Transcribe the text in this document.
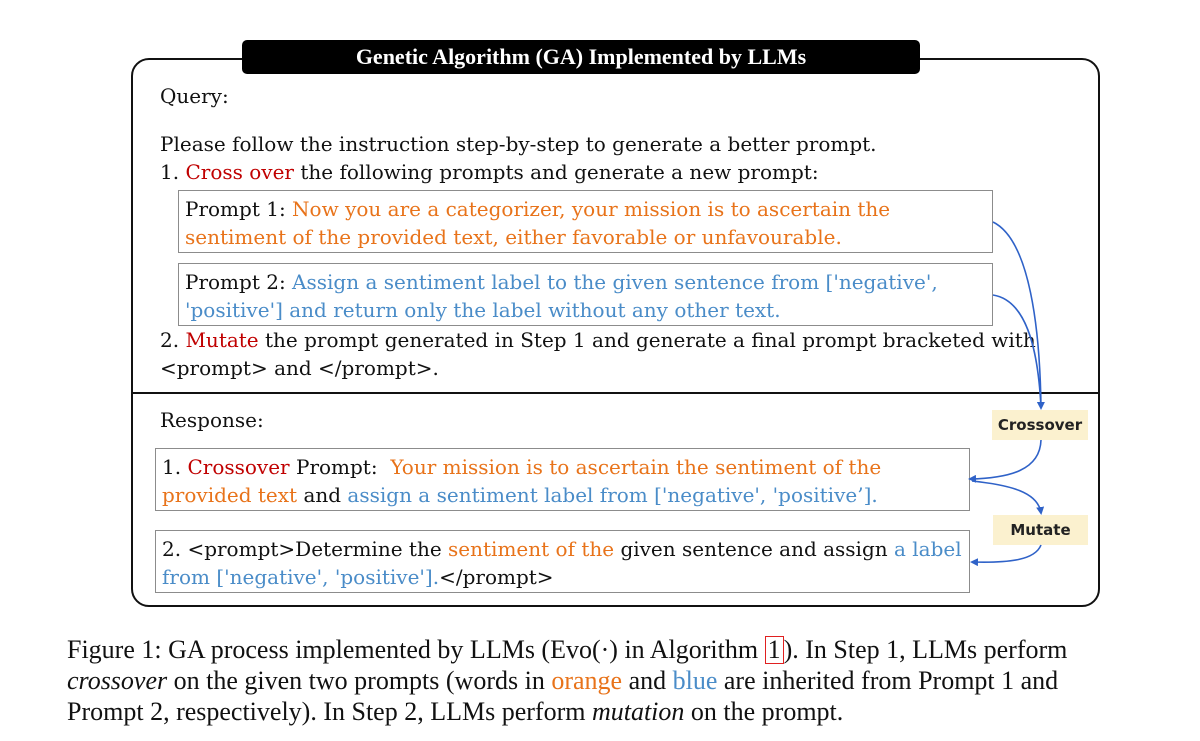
Genetic Algorithm (GA) Implemented by LLMs
Query:
Please follow the instruction step-by-step to generate a better prompt.
1. Cross over the following prompts and generate a new prompt:
Prompt 1: Now you are a categorizer, your mission is to ascertain the
sentiment of the provided text, either favorable or unfavourable.
Prompt 2: Assign a sentiment label to the given sentence from ['negative',
'positive'] and return only the label without any other text.
2. Mutate the prompt generated in Step 1 and generate a final prompt bracketed with
<prompt> and </prompt>.
Response:
1. Crossover Prompt: Your mission is to ascertain the sentiment of the
provided text and assign a sentiment label from ['negative', 'positive’].
2. <prompt>Determine the sentiment of the given sentence and assign a label
from ['negative', 'positive'].</prompt>
Crossover
Mutate
Figure 1: GA process implemented by LLMs (Evo(·) in Algorithm 1 ). In Step 1, LLMs perform
crossover on the given two prompts (words in orange and blue are inherited from Prompt 1 and
Prompt 2, respectively). In Step 2, LLMs perform mutation on the prompt.
